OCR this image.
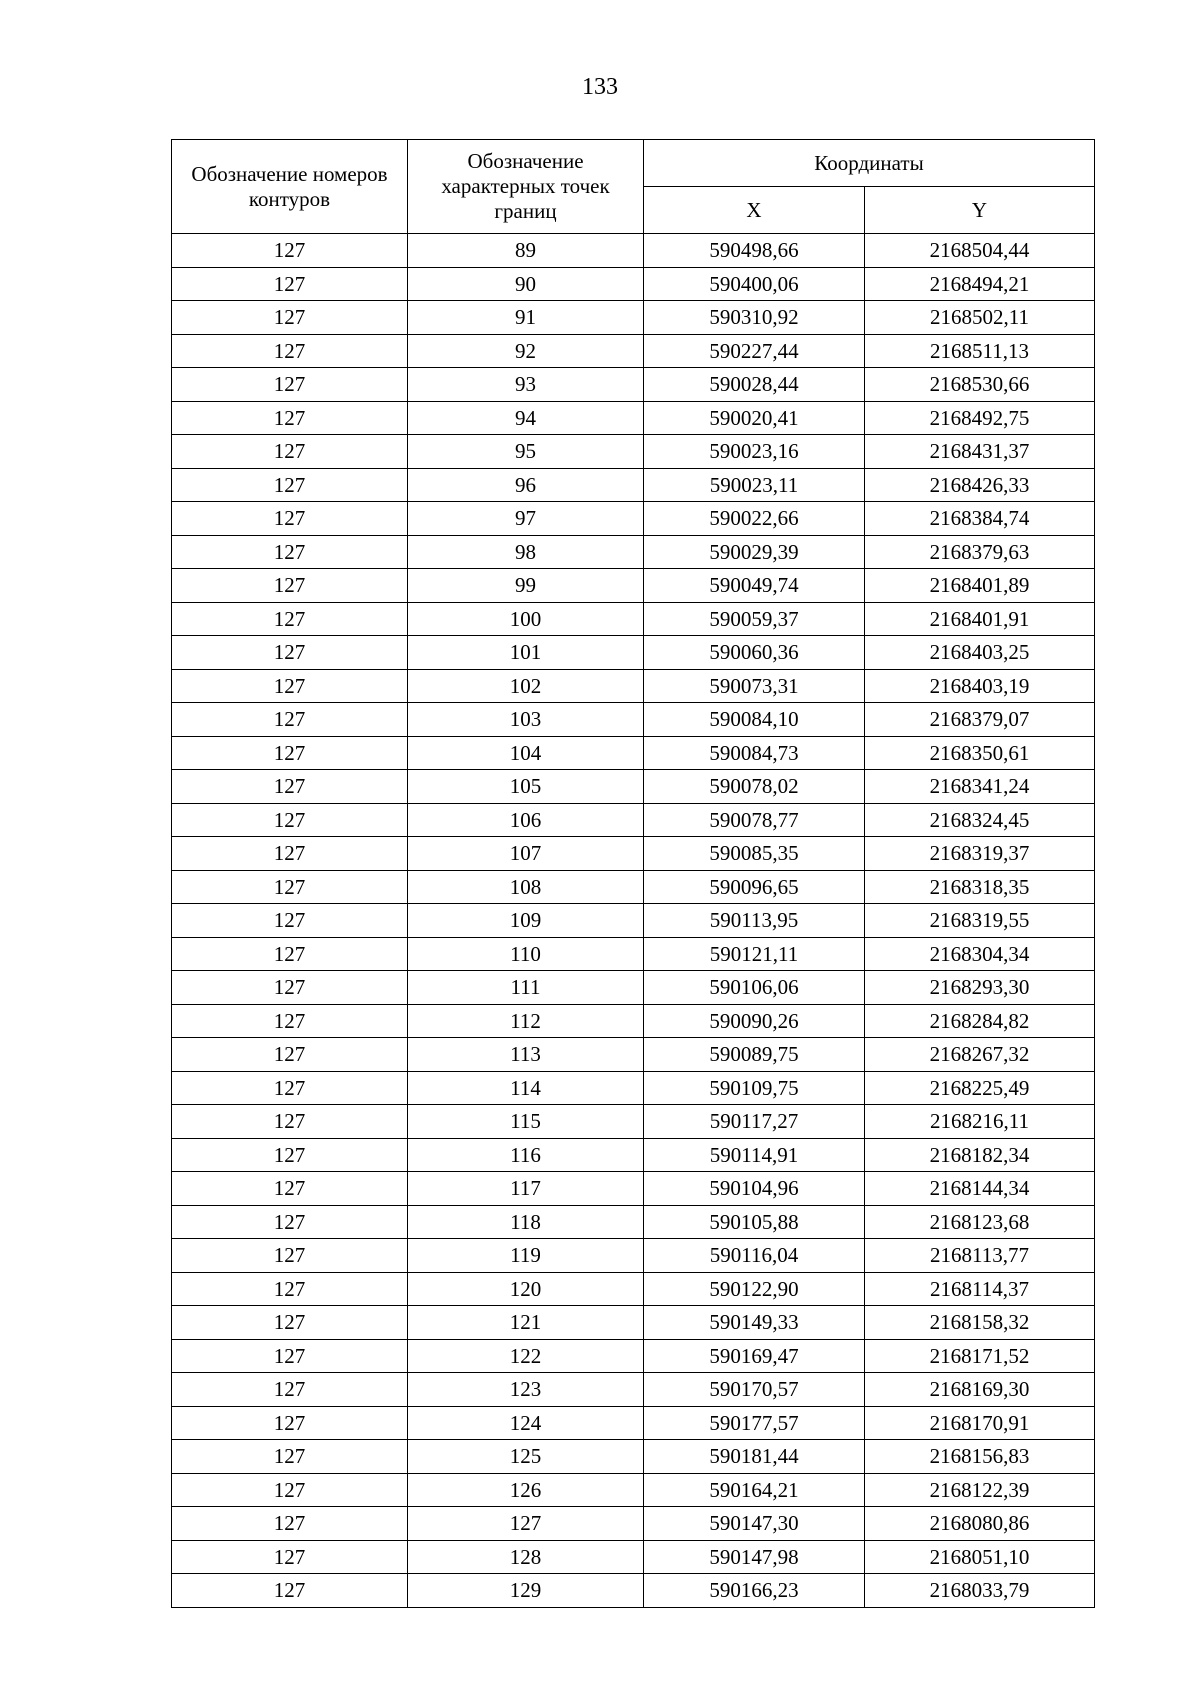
133
Обозначение номеров контуров	Обозначение характерных точек границ	Координаты	
		X	Y
127	89	590498,66	2168504,44
127	90	590400,06	2168494,21
127	91	590310,92	2168502,11
127	92	590227,44	2168511,13
127	93	590028,44	2168530,66
127	94	590020,41	2168492,75
127	95	590023,16	2168431,37
127	96	590023,11	2168426,33
127	97	590022,66	2168384,74
127	98	590029,39	2168379,63
127	99	590049,74	2168401,89
127	100	590059,37	2168401,91
127	101	590060,36	2168403,25
127	102	590073,31	2168403,19
127	103	590084,10	2168379,07
127	104	590084,73	2168350,61
127	105	590078,02	2168341,24
127	106	590078,77	2168324,45
127	107	590085,35	2168319,37
127	108	590096,65	2168318,35
127	109	590113,95	2168319,55
127	110	590121,11	2168304,34
127	111	590106,06	2168293,30
127	112	590090,26	2168284,82
127	113	590089,75	2168267,32
127	114	590109,75	2168225,49
127	115	590117,27	2168216,11
127	116	590114,91	2168182,34
127	117	590104,96	2168144,34
127	118	590105,88	2168123,68
127	119	590116,04	2168113,77
127	120	590122,90	2168114,37
127	121	590149,33	2168158,32
127	122	590169,47	2168171,52
127	123	590170,57	2168169,30
127	124	590177,57	2168170,91
127	125	590181,44	2168156,83
127	126	590164,21	2168122,39
127	127	590147,30	2168080,86
127	128	590147,98	2168051,10
127	129	590166,23	2168033,79
